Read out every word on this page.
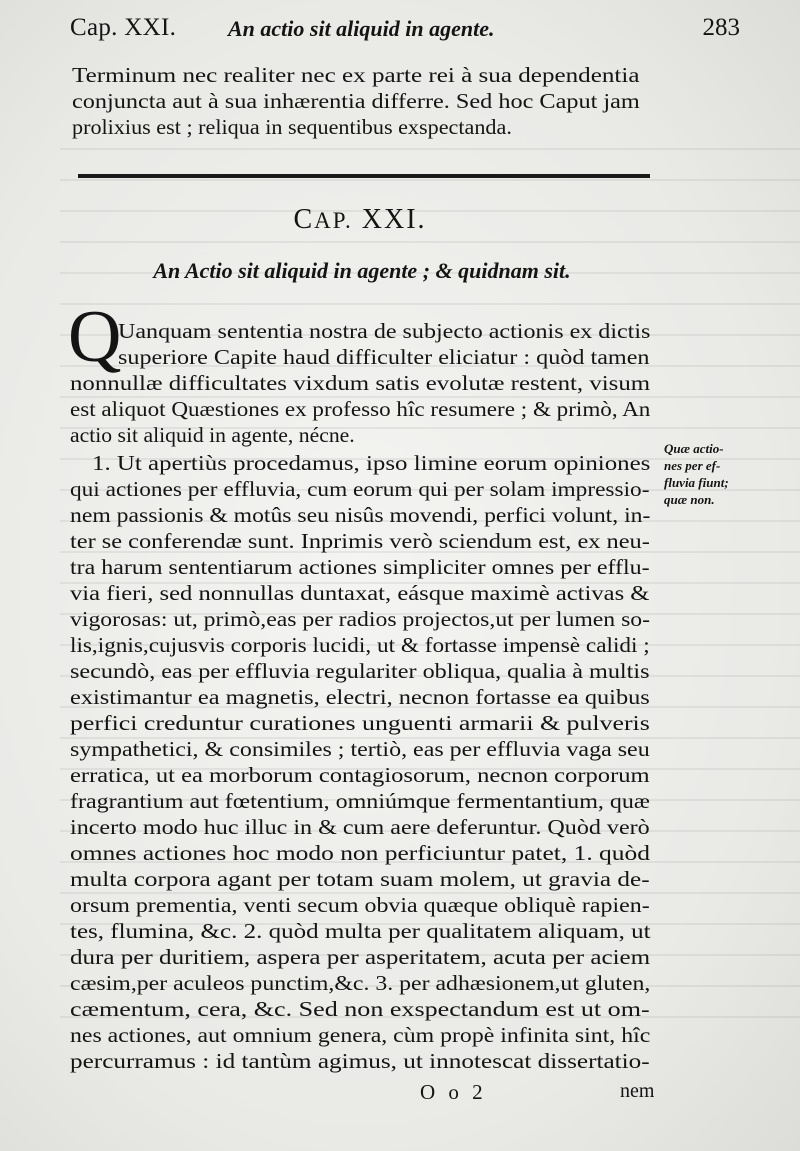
Cap. XXI. An actio sit aliquid in agente.	283
Terminum nec realiter nec ex parte rei à sua dependentia
conjuncta aut à sua inhærentia differre. Sed hoc Caput jam
prolixius est ; reliqua in sequentibus exspectanda.
CAP. XXI.
An Actio sit aliquid in agente ; & quidnam sit.
Q
Uanquam sententia nostra de subjecto actionis ex dictis
superiore Capite haud difficulter eliciatur : quòd tamen
nonnullæ difficultates vixdum satis evolutæ restent, visum
est aliquot Quæstiones ex professo hîc resumere ; & primò, An
actio sit aliquid in agente, nécne.
1. Ut apertiùs procedamus, ipso limine eorum opiniones
qui actiones per effluvia, cum eorum qui per solam impressio-
nem passionis & motûs seu nisûs movendi, perfici volunt, in-
ter se conferendæ sunt. Inprimis verò sciendum est, ex neu-
tra harum sententiarum actiones simpliciter omnes per efflu-
via fieri, sed nonnullas duntaxat, eásque maximè activas &
vigorosas: ut, primò,eas per radios projectos,ut per lumen so-
lis,ignis,cujusvis corporis lucidi, ut & fortasse impensè calidi ;
secundò, eas per effluvia regulariter obliqua, qualia à multis
existimantur ea magnetis, electri, necnon fortasse ea quibus
perfici creduntur curationes unguenti armarii & pulveris
sympathetici, & consimiles ; tertiò, eas per effluvia vaga seu
erratica, ut ea morborum contagiosorum, necnon corporum
fragrantium aut fœtentium, omniúmque fermentantium, quæ
incerto modo huc illuc in & cum aere deferuntur. Quòd verò
omnes actiones hoc modo non perficiuntur patet, 1. quòd
multa corpora agant per totam suam molem, ut gravia de-
orsum prementia, venti secum obvia quæque obliquè rapien-
tes, flumina, &c. 2. quòd multa per qualitatem aliquam, ut
dura per duritiem, aspera per asperitatem, acuta per aciem
cæsim,per aculeos punctim,&c. 3. per adhæsionem,ut gluten,
cæmentum, cera, &c. Sed non exspectandum est ut om-
nes actiones, aut omnium genera, cùm propè infinita sint, hîc
percurramus : id tantùm agimus, ut innotescat dissertatio-
Quæ actio-
nes per ef-
fluvia fiunt;
quæ non.
O o 2	nem
